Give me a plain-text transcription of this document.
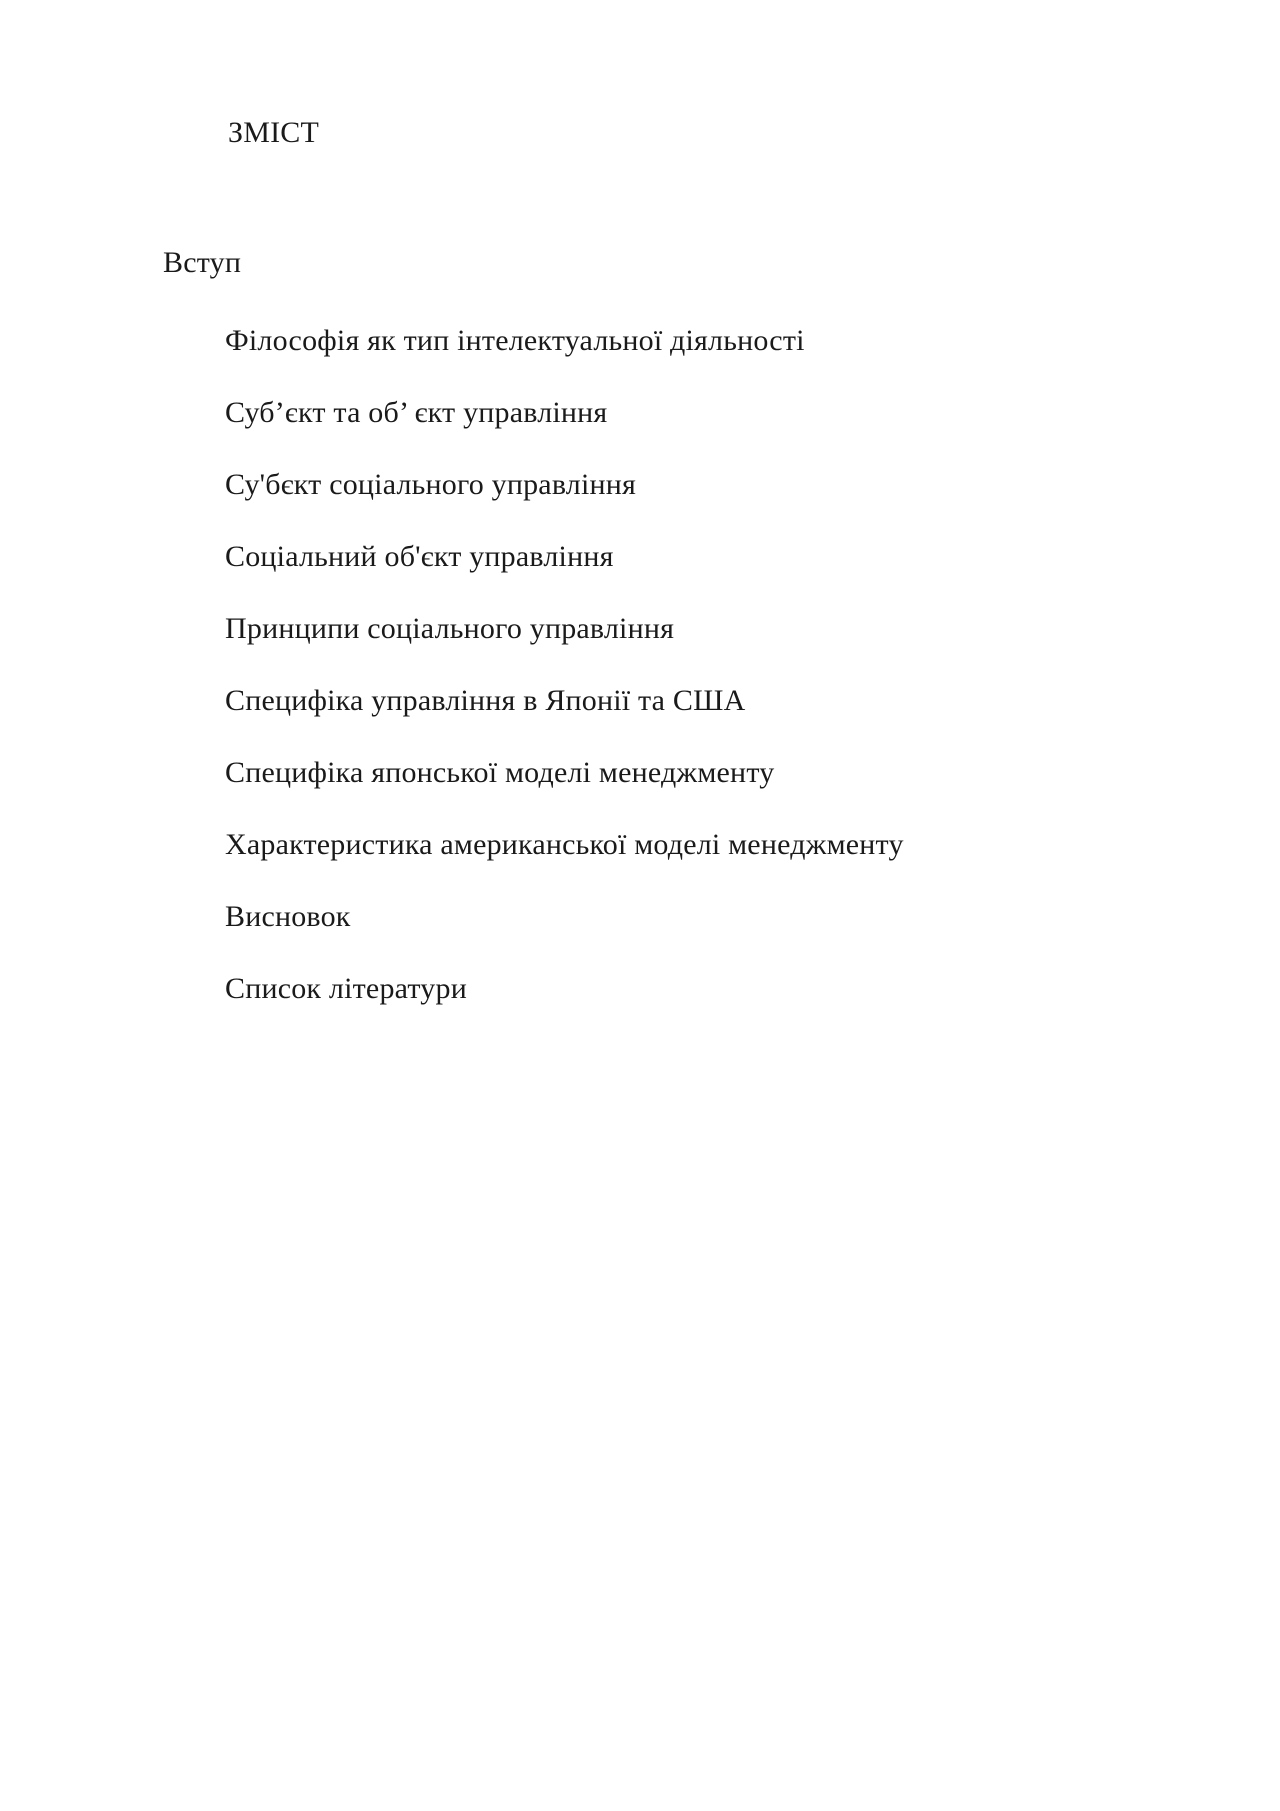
ЗМІСТ

Вступ

Філософія як тип інтелектуальної діяльності

Суб’єкт та об’ єкт управління

Су'бєкт соціального управління

Соціальний об'єкт управління

Принципи соціального управління

Специфіка управління в Японії та США

Специфіка японської моделі менеджменту

Характеристика американської моделі менеджменту

Висновок

Список літератури
